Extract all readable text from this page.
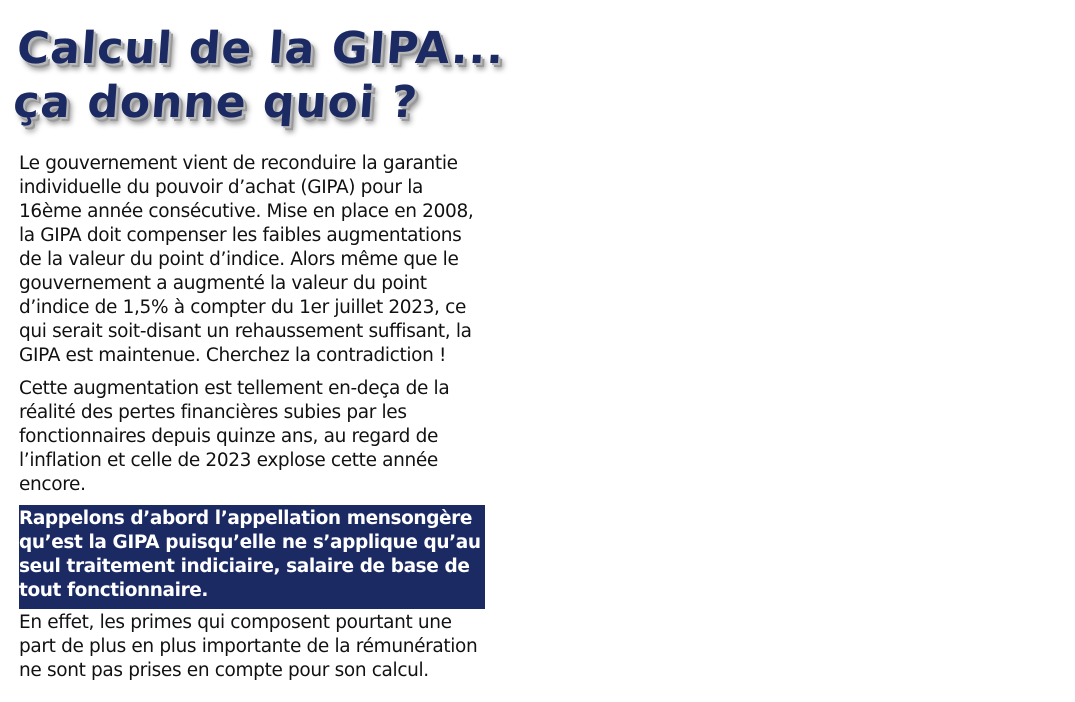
Calcul de la GIPA...
ça donne quoi ?

Le gouvernement vient de reconduire la garantie individuelle du pouvoir d’achat (GIPA) pour la 16ème année consécutive. Mise en place en 2008, la GIPA doit compenser les faibles augmentations de la valeur du point d’indice. Alors même que le gouvernement a augmenté la valeur du point d’indice de 1,5% à compter du 1er juillet 2023, ce qui serait soit-disant un rehaussement suffisant, la GIPA est maintenue. Cherchez la contradiction !

Cette augmentation est tellement en-deça de la réalité des pertes financières subies par les fonctionnaires depuis quinze ans, au regard de l’inflation et celle de 2023 explose cette année encore.

Rappelons d’abord l’appellation mensongère qu’est la GIPA puisqu’elle ne s’applique qu’au seul traitement indiciaire, salaire de base de tout fonctionnaire.

En effet, les primes qui composent pourtant une part de plus en plus importante de la rémunération ne sont pas prises en compte pour son calcul.
